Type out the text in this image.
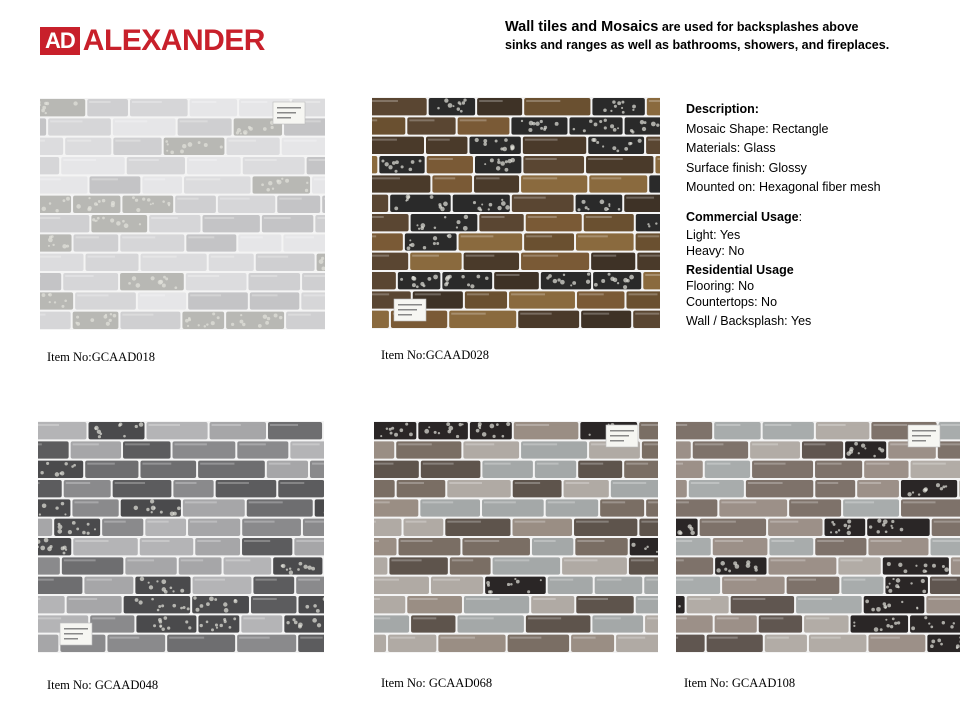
AD ALEXANDER	Wall tiles and Mosaics are used for backsplashes above
sinks and ranges as well as bathrooms, showers, and fireplaces.
Item No:GCAAD018	Item No:GCAAD028
Item No: GCAAD048	Item No: GCAAD068	Item No: GCAAD108
Description:
Mosaic Shape: Rectangle
Materials: Glass
Surface finish: Glossy
Mounted on: Hexagonal fiber mesh
Commercial Usage:
Light: Yes
Heavy: No
Residential Usage
Flooring: No
Countertops: No
Wall / Backsplash: Yes
